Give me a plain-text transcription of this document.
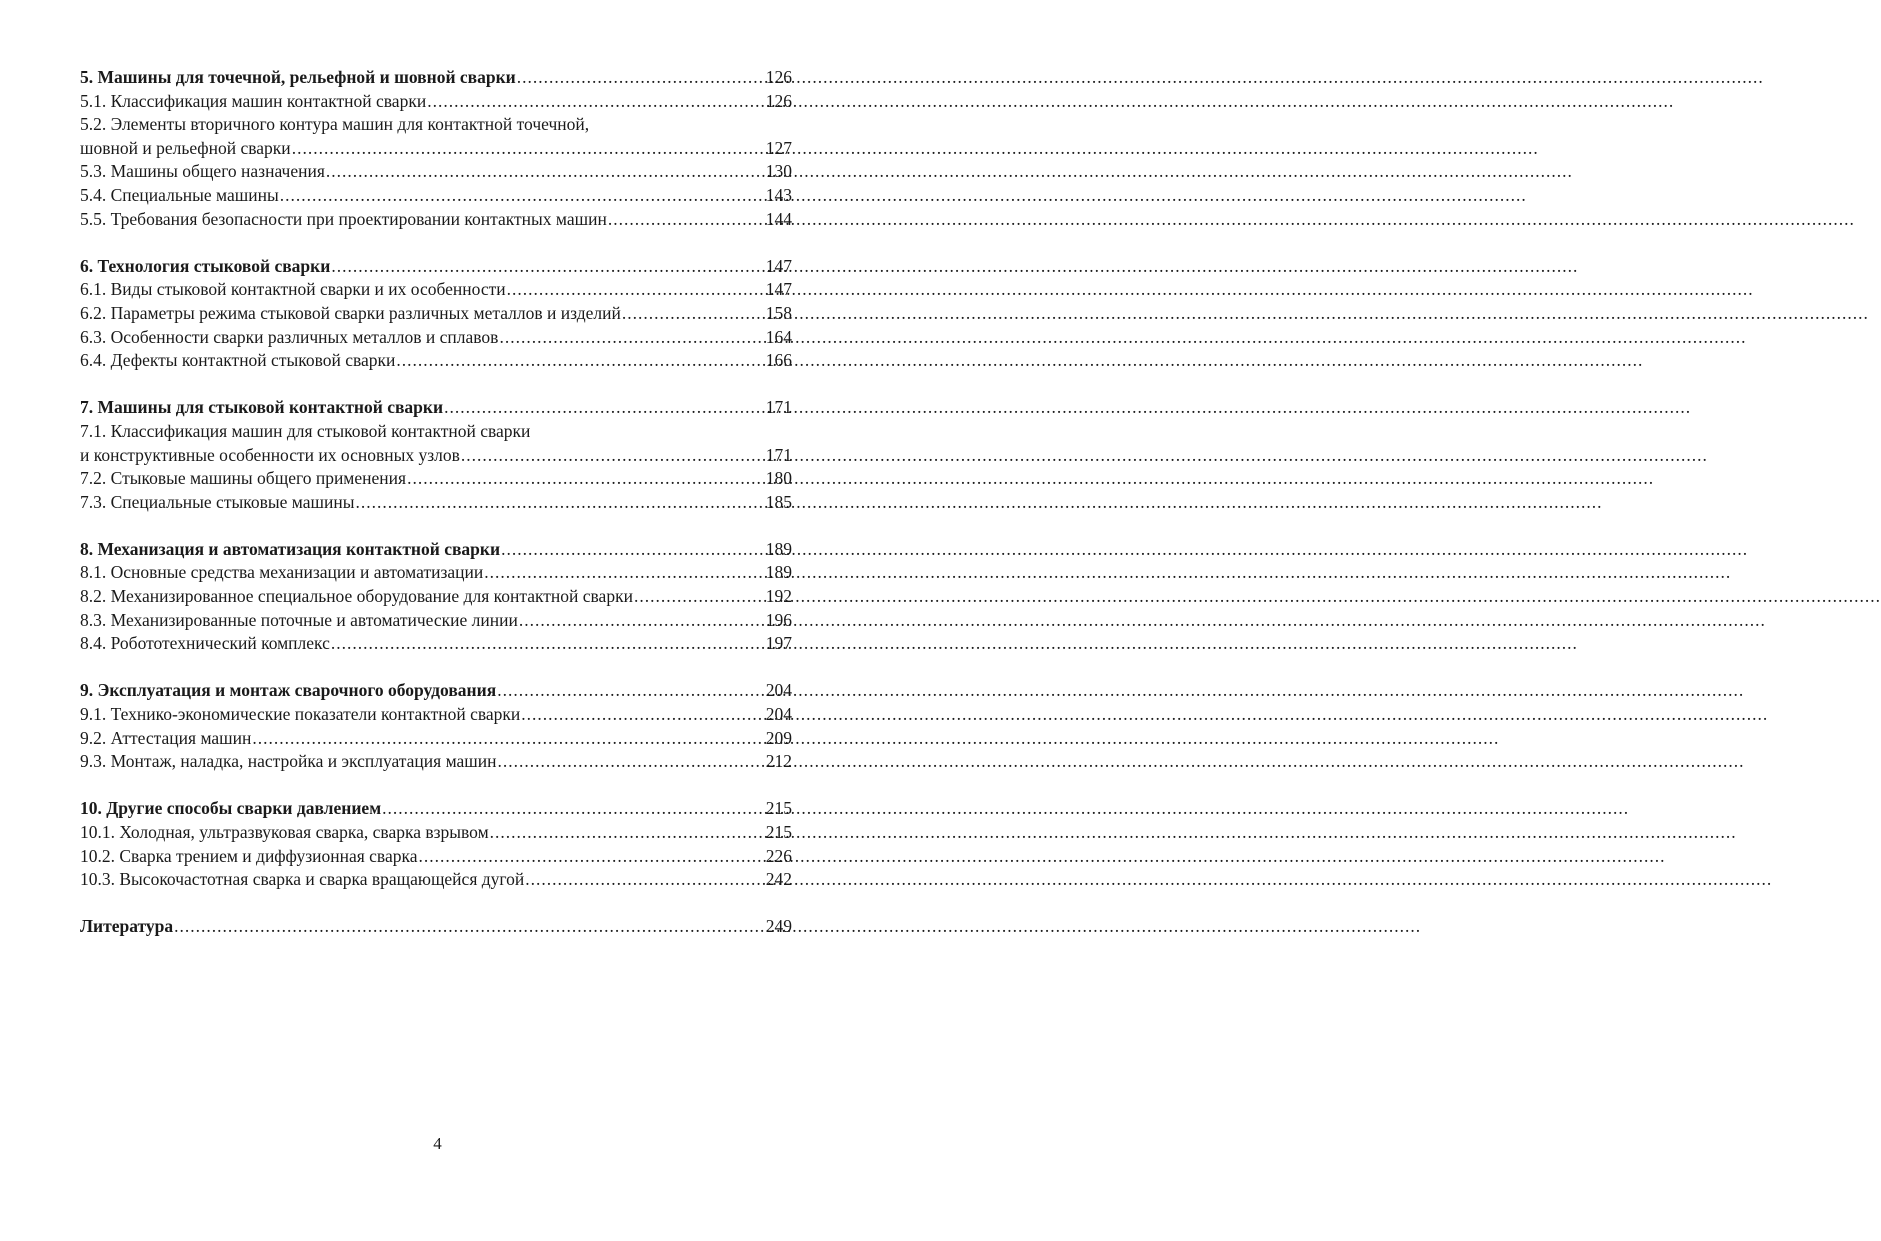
5. Машины для точечной, рельефной и шовной сварки .....	126
5.1. Классификация машин контактной сварки .....	126
5.2. Элементы вторичного контура машин для контактной точечной,
шовной и рельефной сварки .....	127
5.3. Машины общего назначения .....	130
5.4. Специальные машины .....	143
5.5. Требования безопасности при проектировании контактных машин .....	144
6. Технология стыковой сварки .....	147
6.1. Виды стыковой контактной сварки и их особенности .....	147
6.2. Параметры режима стыковой сварки различных металлов и изделий .....	158
6.3. Особенности сварки различных металлов и сплавов .....	164
6.4. Дефекты контактной стыковой сварки .....	166
7. Машины для стыковой контактной сварки .....	171
7.1. Классификация машин для стыковой контактной сварки
и конструктивные особенности их основных узлов .....	171
7.2. Стыковые машины общего применения .....	180
7.3. Специальные стыковые машины .....	185
8. Механизация и автоматизация контактной сварки .....	189
8.1. Основные средства механизации и автоматизации .....	189
8.2. Механизированное специальное оборудование для контактной сварки .....	192
8.3. Механизированные поточные и автоматические линии .....	196
8.4. Робототехнический комплекс .....	197
9. Эксплуатация и монтаж сварочного оборудования .....	204
9.1. Технико-экономические показатели контактной сварки .....	204
9.2. Аттестация машин .....	209
9.3. Монтаж, наладка, настройка и эксплуатация машин .....	212
10. Другие способы сварки давлением .....	215
10.1. Холодная, ультразвуковая сварка, сварка взрывом .....	215
10.2. Сварка трением и диффузионная сварка .....	226
10.3. Высокочастотная сварка и сварка вращающейся дугой .....	242
Литература .....	249
4
